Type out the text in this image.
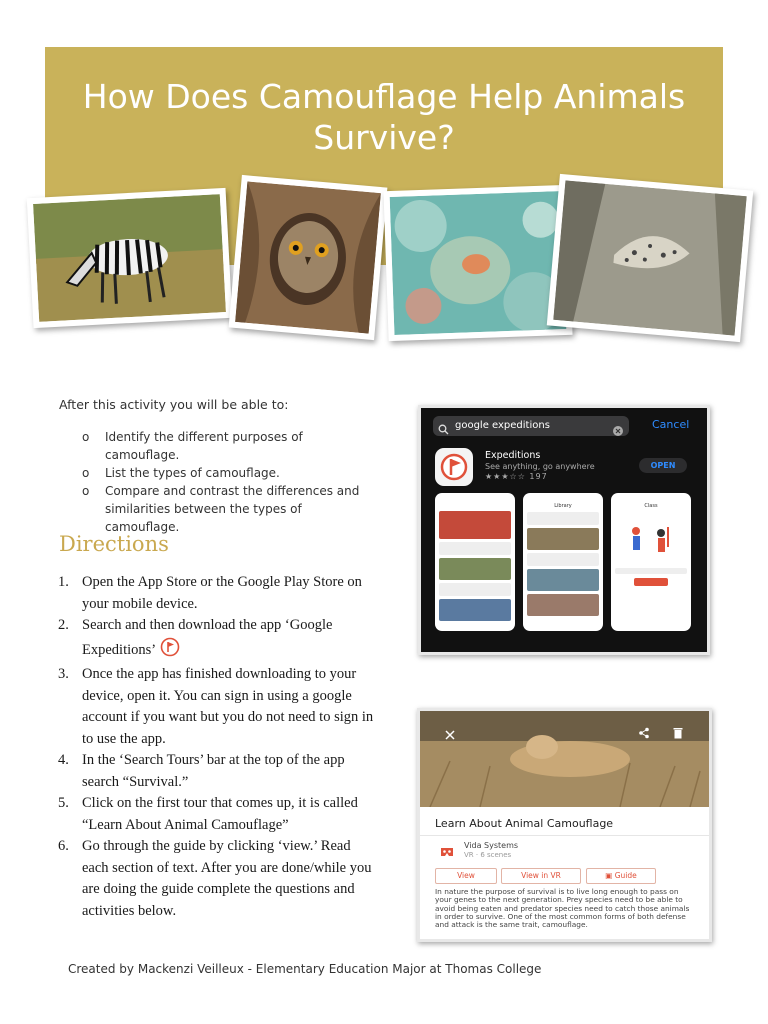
How Does Camouflage Help Animals Survive?
After this activity you will be able to:
o Identify the different purposes of camouflage.
o List the types of camouflage.
o Compare and contrast the differences and similarities between the types of camouflage.
Directions
1. Open the App Store or the Google Play Store on your mobile device.
2. Search and then download the app ‘Google Expeditions’
3. Once the app has finished downloading to your device, open it. You can sign in using a google account if you want but you do not need to sign in to use the app.
4. In the ‘Search Tours’ bar at the top of the app search “Survival.”
5. Click on the first tour that comes up, it is called “Learn About Animal Camouflage”
6. Go through the guide by clicking ‘view.’ Read each section of text. After you are done/while you are doing the guide complete the questions and activities below.
google expeditions	Cancel
Expeditions
See anything, go anywhere
★★★☆☆ 197
OPEN
Library	Class
Learn About Animal Camouflage
Vida Systems
VR · 6 scenes
View	View in VR	▣ Guide
In nature the purpose of survival is to live long enough to pass on your genes to the next generation. Prey species need to be able to avoid being eaten and predator species need to catch those animals in order to survive. One of the most common forms of both defense and attack is the same trait, camouflage.
Created by Mackenzi Veilleux - Elementary Education Major at Thomas College
